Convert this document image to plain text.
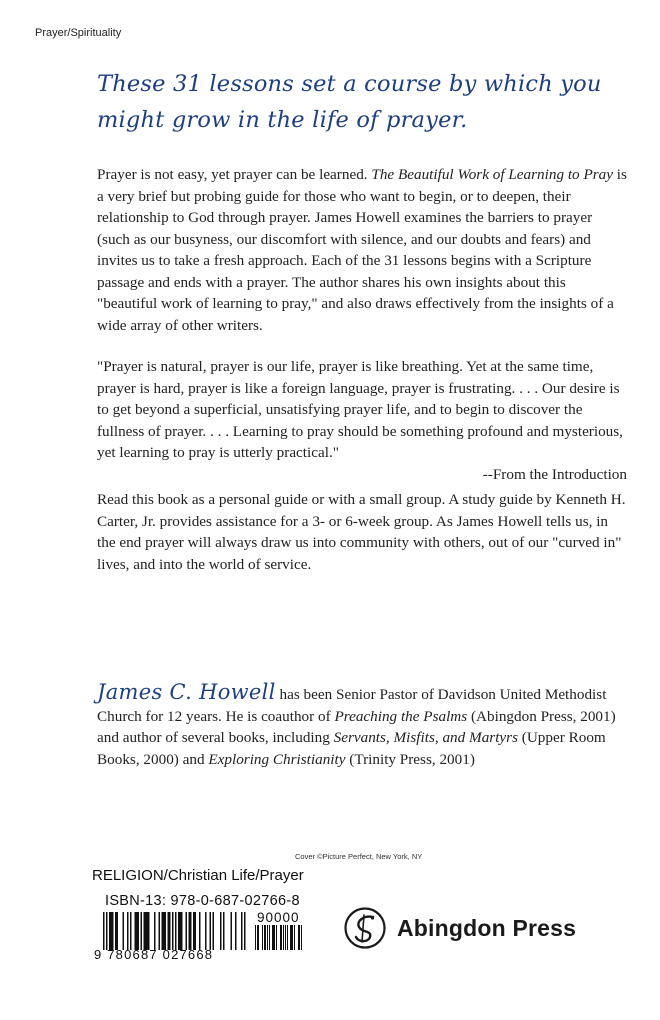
Prayer/Spirituality
These 31 lessons set a course by which you might grow in the life of prayer.
Prayer is not easy, yet prayer can be learned. The Beautiful Work of Learning to Pray is a very brief but probing guide for those who want to begin, or to deepen, their relationship to God through prayer. James Howell examines the barriers to prayer (such as our busyness, our discomfort with silence, and our doubts and fears) and invites us to take a fresh approach. Each of the 31 lessons begins with a Scripture passage and ends with a prayer. The author shares his own insights about this "beautiful work of learning to pray," and also draws effectively from the insights of a wide array of other writers.
"Prayer is natural, prayer is our life, prayer is like breathing. Yet at the same time, prayer is hard, prayer is like a foreign language, prayer is frustrating. . . . Our desire is to get beyond a superficial, unsatisfying prayer life, and to begin to discover the fullness of prayer. . . . Learning to pray should be something profound and mysterious, yet learning to pray is utterly practical."
--From the Introduction
Read this book as a personal guide or with a small group. A study guide by Kenneth H. Carter, Jr. provides assistance for a 3- or 6-week group. As James Howell tells us, in the end prayer will always draw us into community with others, out of our "curved in" lives, and into the world of service.
James C. Howell has been Senior Pastor of Davidson United Methodist Church for 12 years. He is coauthor of Preaching the Psalms (Abingdon Press, 2001) and author of several books, including Servants, Misfits, and Martyrs (Upper Room Books, 2000) and Exploring Christianity (Trinity Press, 2001)
Cover ©Picture Perfect, New York, NY
RELIGION/Christian Life/Prayer
ISBN-13: 978-0-687-02766-8
90000
9 780687 027668
Abingdon Press
